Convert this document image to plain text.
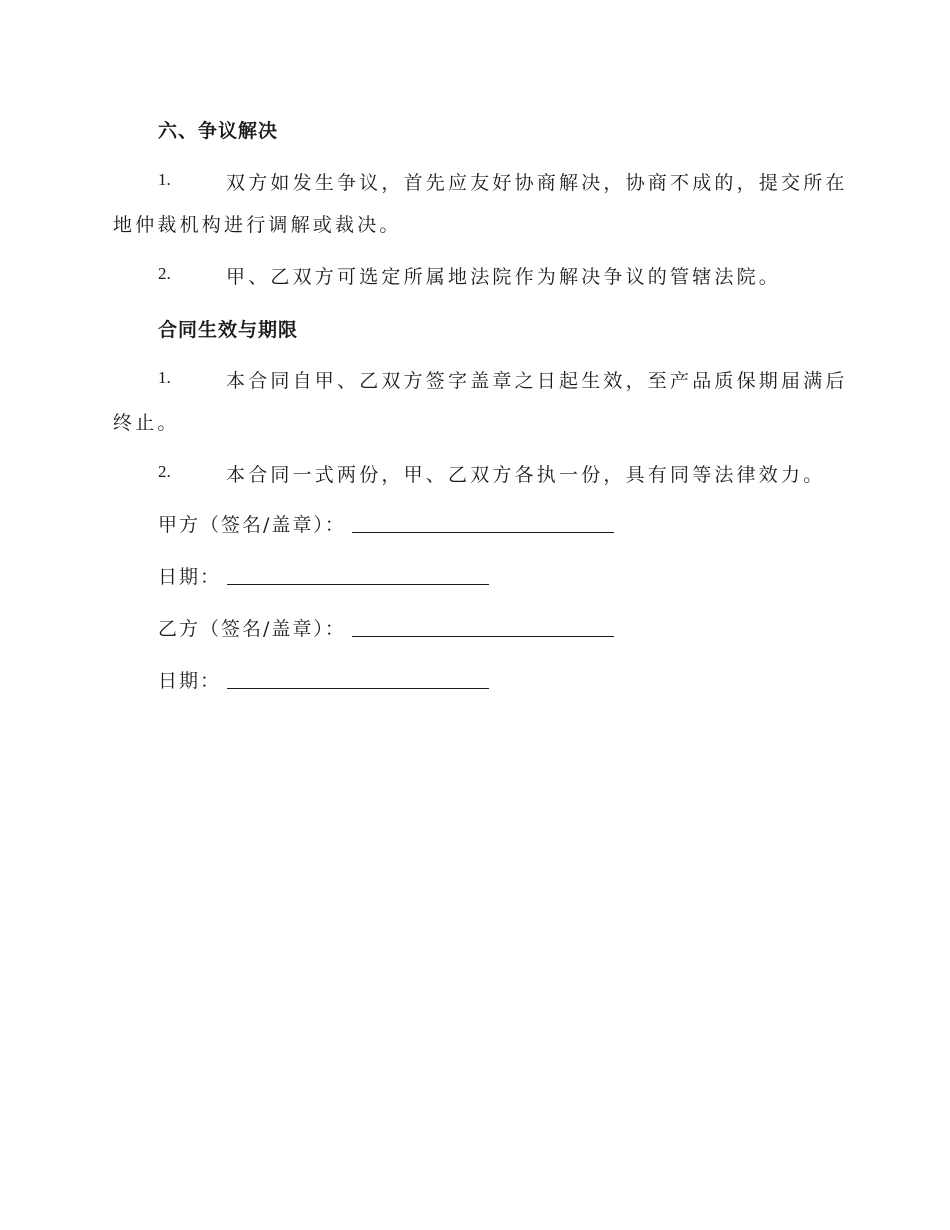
六、争议解决
1.	双方如发生争议，首先应友好协商解决，协商不成的，提交所在
地仲裁机构进行调解或裁决。
2.	甲、乙双方可选定所属地法院作为解决争议的管辖法院。
合同生效与期限
1.	本合同自甲、乙双方签字盖章之日起生效，至产品质保期届满后
终止。
2.	本合同一式两份，甲、乙双方各执一份，具有同等法律效力。
甲方（签名/盖章）：
日期：
乙方（签名/盖章）：
日期：
